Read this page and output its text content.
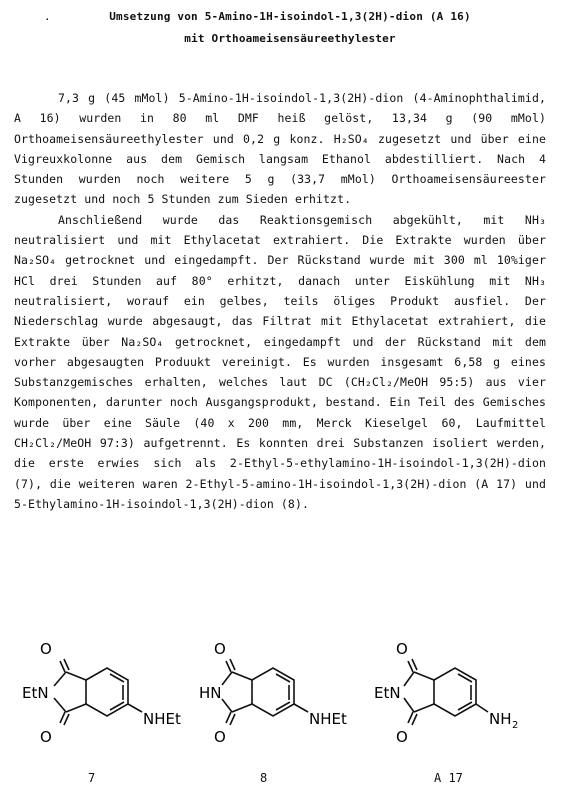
.	Umsetzung von 5-Amino-1H-isoindol-1,3(2H)-dion (A 16)
mit Orthoameisensäureethylester

7,3 g (45 mMol) 5-Amino-1H-isoindol-1,3(2H)-dion (4-Aminophthalimid, A 16) wurden in 80 ml DMF heiß gelöst, 13,34 g (90 mMol) Orthoameisensäureethylester und 0,2 g konz. H₂SO₄ zugesetzt und über eine Vigreuxkolonne aus dem Gemisch langsam Ethanol abdestilliert. Nach 4 Stunden wurden noch weitere 5 g (33,7 mMol) Orthoameisensäureester zugesetzt und noch 5 Stunden zum Sieden erhitzt.

Anschließend wurde das Reaktionsgemisch abgekühlt, mit NH₃ neutralisiert und mit Ethylacetat extrahiert. Die Extrakte wurden über Na₂SO₄ getrocknet und eingedampft. Der Rückstand wurde mit 300 ml 10%iger HCl drei Stunden auf 80° erhitzt, danach unter Eiskühlung mit NH₃ neutralisiert, worauf ein gelbes, teils öliges Produkt ausfiel. Der Niederschlag wurde abgesaugt, das Filtrat mit Ethylacetat extrahiert, die Extrakte über Na₂SO₄ getrocknet, eingedampft und der Rückstand mit dem vorher abgesaugten Produukt vereinigt. Es wurden insgesamt 6,58 g eines Substanzgemisches erhalten, welches laut DC (CH₂Cl₂/MeOH 95:5) aus vier Komponenten, darunter noch Ausgangsprodukt, bestand. Ein Teil des Gemisches wurde über eine Säule (40 x 200 mm, Merck Kieselgel 60, Laufmittel CH₂Cl₂/MeOH 97:3) aufgetrennt. Es konnten drei Substanzen isoliert werden, die erste erwies sich als 2-Ethyl-5-ethylamino-1H-isoindol-1,3(2H)-dion (7), die weiteren waren 2-Ethyl-5-amino-1H-isoindol-1,3(2H)-dion (A 17) und 5-Ethylamino-1H-isoindol-1,3(2H)-dion (8).

O
EtN
O
NHEt
7
O
HN
O
NHEt
8
O
EtN
O
NH 2
A 17
